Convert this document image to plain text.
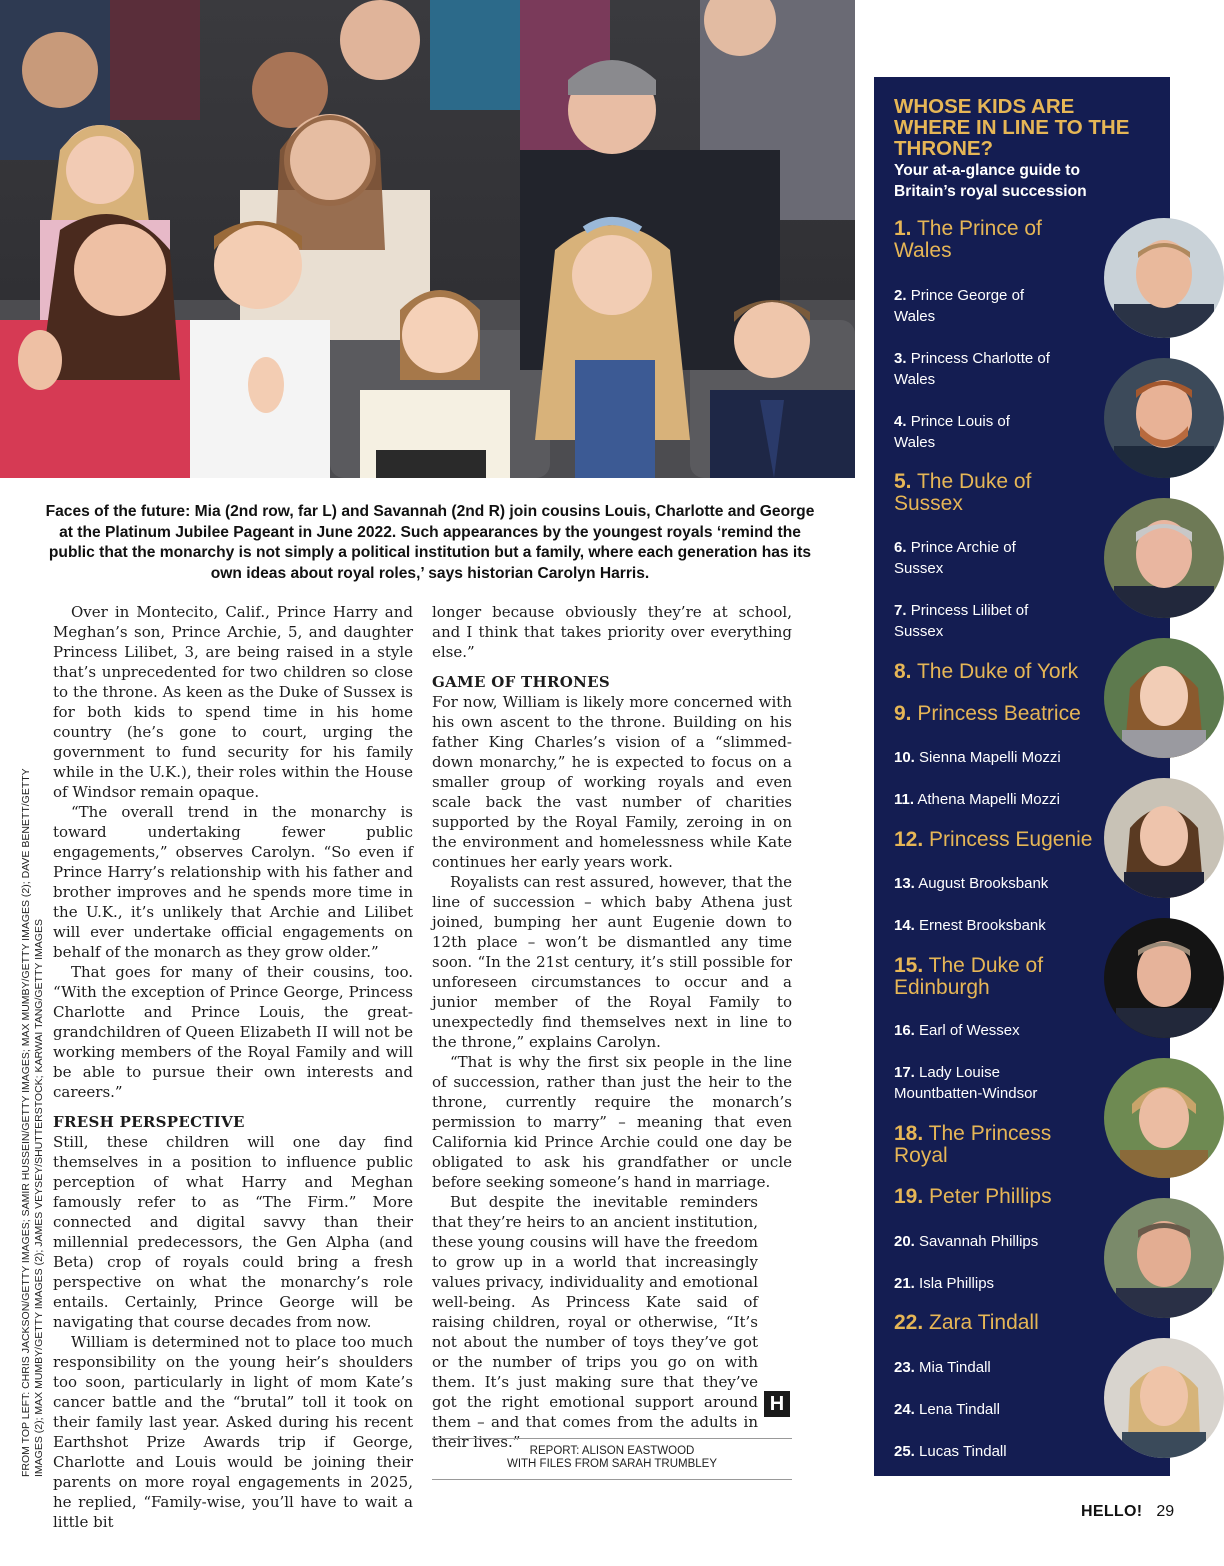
Faces of the future: Mia (2nd row, far L) and Savannah (2nd R) join cousins Louis, Charlotte and George at the Platinum Jubilee Pageant in June 2022. Such appearances by the youngest royals ‘remind the public that the monarchy is not simply a political institution but a family, where each generation has its own ideas about royal roles,’ says historian Carolyn Harris.

Over in Montecito, Calif., Prince Harry and Meghan’s son, Prince Archie, 5, and daughter Princess Lilibet, 3, are being raised in a style that’s unprecedented for two children so close to the throne. As keen as the Duke of Sussex is for both kids to spend time in his home country (he’s gone to court, urging the government to fund security for his family while in the U.K.), their roles within the House of Windsor remain opaque.

“The overall trend in the monarchy is toward undertaking fewer public engagements,” observes Carolyn. “So even if Prince Harry’s relationship with his father and brother improves and he spends more time in the U.K., it’s unlikely that Archie and Lilibet will ever undertake official engagements on behalf of the monarch as they grow older.”

That goes for many of their cousins, too. “With the exception of Prince George, Princess Charlotte and Prince Louis, the great-grandchildren of Queen Elizabeth II will not be working members of the Royal Family and will be able to pursue their own interests and careers.”

FRESH PERSPECTIVE

Still, these children will one day find themselves in a position to influence public perception of what Harry and Meghan famously refer to as “The Firm.” More connected and digital savvy than their millennial predecessors, the Gen Alpha (and Beta) crop of royals could bring a fresh perspective on what the monarchy’s role entails. Certainly, Prince George will be navigating that course decades from now.

William is determined not to place too much responsibility on the young heir’s shoulders too soon, particularly in light of mom Kate’s cancer battle and the “brutal” toll it took on their family last year. Asked during his recent Earthshot Prize Awards trip if George, Charlotte and Louis would be joining their parents on more royal engagements in 2025, he replied, “Family-wise, you’ll have to wait a little bit

longer because obviously they’re at school, and I think that takes priority over everything else.”

GAME OF THRONES

For now, William is likely more concerned with his own ascent to the throne. Building on his father King Charles’s vision of a “slimmed-down monarchy,” he is expected to focus on a smaller group of working royals and even scale back the vast number of charities supported by the Royal Family, zeroing in on the environment and homelessness while Kate continues her early years work.

Royalists can rest assured, however, that the line of succession – which baby Athena just joined, bumping her aunt Eugenie down to 12th place – won’t be dismantled any time soon. “In the 21st century, it’s still possible for unforeseen circumstances to occur and a junior member of the Royal Family to unexpectedly find themselves next in line to the throne,” explains Carolyn.

“That is why the first six people in the line of succession, rather than just the heir to the throne, currently require the monarch’s permission to marry” – meaning that even California kid Prince Archie could one day be obligated to ask his grandfather or uncle before seeking someone’s hand in marriage.

But despite the inevitable reminders that they’re heirs to an ancient institution, these young cousins will have the freedom to grow up in a world that increasingly values privacy, individuality and emotional well-being. As Princess Kate said of raising children, royal or otherwise, “It’s not about the number of toys they’ve got or the number of trips you go on with them. It’s just making sure that they’ve got the right emotional support around them – and that comes from the adults in their lives.”

H
REPORT: ALISON EASTWOOD
WITH FILES FROM SARAH TRUMBLEY
FROM TOP LEFT: CHRIS JACKSON/GETTY IMAGES; SAMIR HUSSEIN/GETTY IMAGES; MAX MUMBY/GETTY IMAGES (2); DAVE BENETT/GETTY IMAGES (2); MAX MUMBY/GETTY IMAGES (2); JAMES VEYSEY/SHUTTERSTOCK; KARWAI TANG/GETTY IMAGES
WHOSE KIDS ARE WHERE IN LINE TO THE THRONE?

Your at-a-glance guide to Britain’s royal succession

1. The Prince of Wales
2. Prince George of Wales
3. Princess Charlotte of Wales
4. Prince Louis of Wales
5. The Duke of Sussex
6. Prince Archie of Sussex
7. Princess Lilibet of Sussex
8. The Duke of York
9. Princess Beatrice
10. Sienna Mapelli Mozzi
11. Athena Mapelli Mozzi
12. Princess Eugenie
13. August Brooksbank
14. Ernest Brooksbank
15. The Duke of Edinburgh
16. Earl of Wessex
17. Lady Louise Mountbatten-Windsor
18. The Princess Royal
19. Peter Phillips
20. Savannah Phillips
21. Isla Phillips
22. Zara Tindall
23. Mia Tindall
24. Lena Tindall
25. Lucas Tindall
HELLO! 29
